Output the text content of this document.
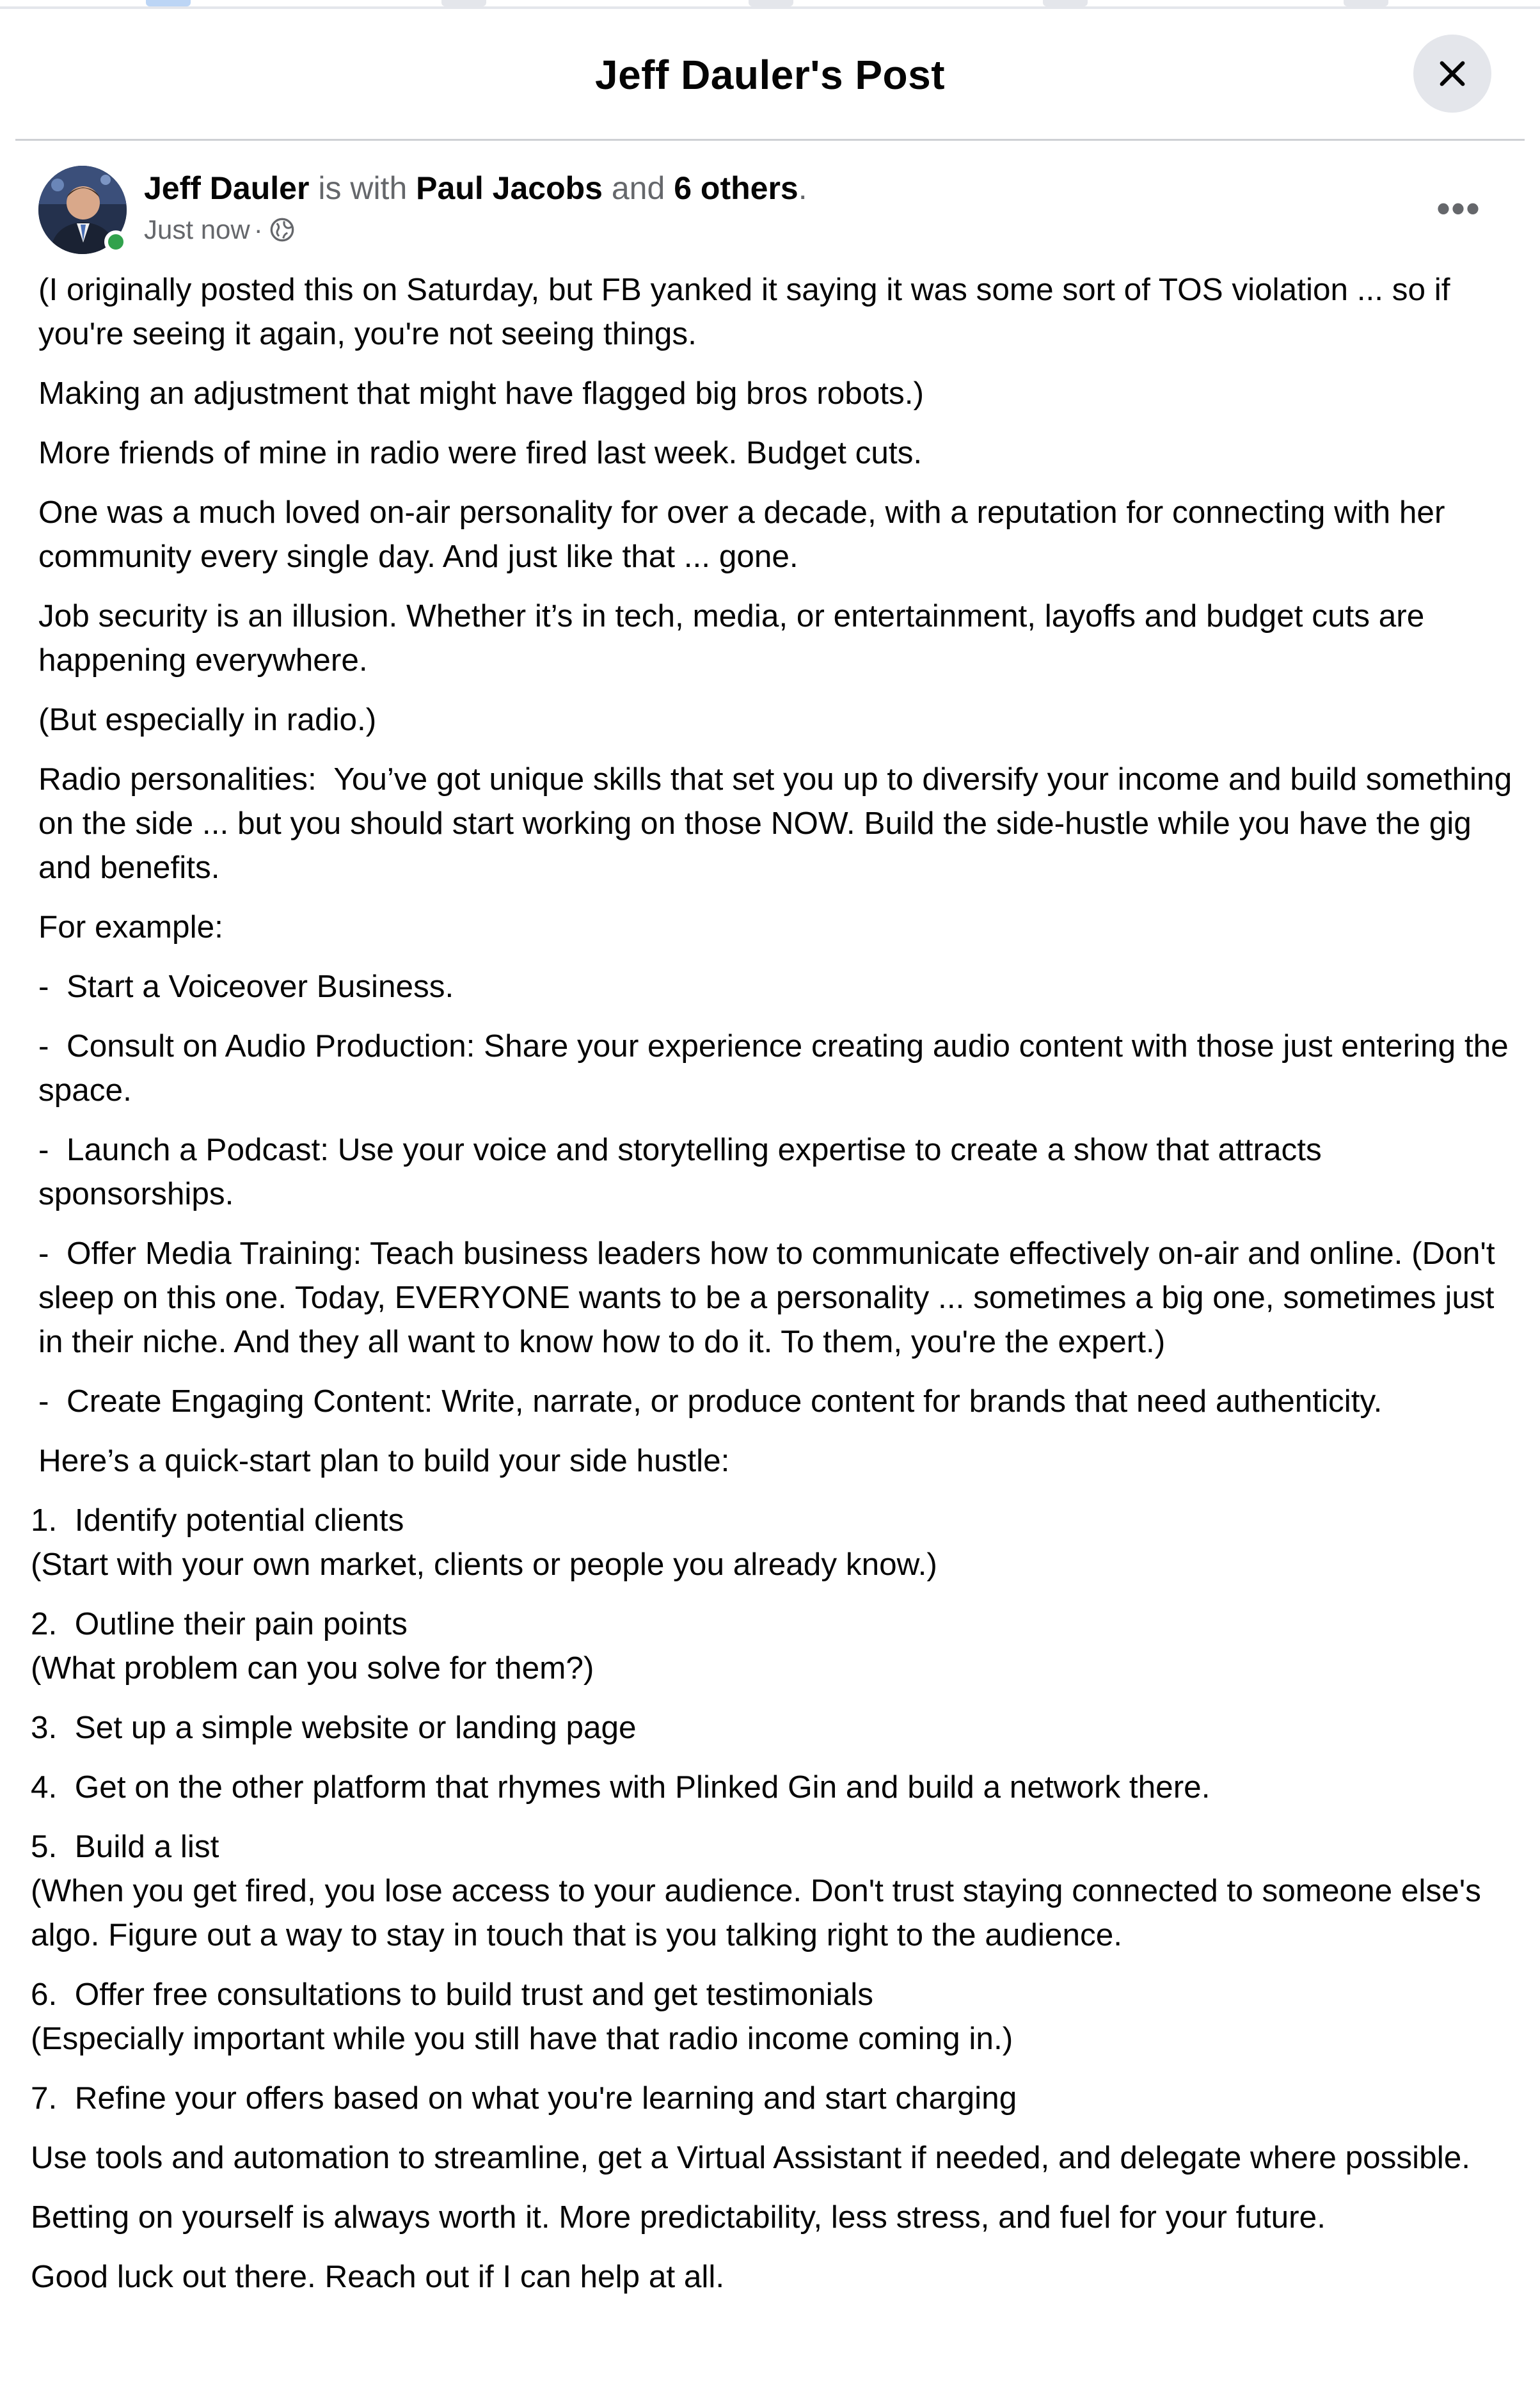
Jeff Dauler's Post
Jeff Dauler is with Paul Jacobs and 6 others.
Just now ·	•••

(I originally posted this on Saturday, but FB yanked it saying it was some sort of TOS violation ... so if you're seeing it again, you're not seeing things.

Making an adjustment that might have flagged big bros robots.)

More friends of mine in radio were fired last week. Budget cuts.

One was a much loved on-air personality for over a decade, with a reputation for connecting with her community every single day. And just like that ... gone.

Job security is an illusion. Whether it’s in tech, media, or entertainment, layoffs and budget cuts are happening everywhere.

(But especially in radio.)

Radio personalities:  You’ve got unique skills that set you up to diversify your income and build something on the side ... but you should start working on those NOW. Build the side-hustle while you have the gig and benefits.

For example:

-  Start a Voiceover Business.

-  Consult on Audio Production: Share your experience creating audio content with those just entering the space.

-  Launch a Podcast: Use your voice and storytelling expertise to create a show that attracts sponsorships.

-  Offer Media Training: Teach business leaders how to communicate effectively on-air and online. (Don't sleep on this one. Today, EVERYONE wants to be a personality ... sometimes a big one, sometimes just in their niche. And they all want to know how to do it. To them, you're the expert.)

-  Create Engaging Content: Write, narrate, or produce content for brands that need authenticity.

Here’s a quick-start plan to build your side hustle:

1.  Identify potential clients
(Start with your own market, clients or people you already know.)

2.  Outline their pain points
(What problem can you solve for them?)

3.  Set up a simple website or landing page

4.  Get on the other platform that rhymes with Plinked Gin and build a network there.

5.  Build a list
(When you get fired, you lose access to your audience. Don't trust staying connected to someone else's algo. Figure out a way to stay in touch that is you talking right to the audience.

6.  Offer free consultations to build trust and get testimonials
(Especially important while you still have that radio income coming in.)

7.  Refine your offers based on what you're learning and start charging

Use tools and automation to streamline, get a Virtual Assistant if needed, and delegate where possible.

Betting on yourself is always worth it. More predictability, less stress, and fuel for your future.

Good luck out there. Reach out if I can help at all.
